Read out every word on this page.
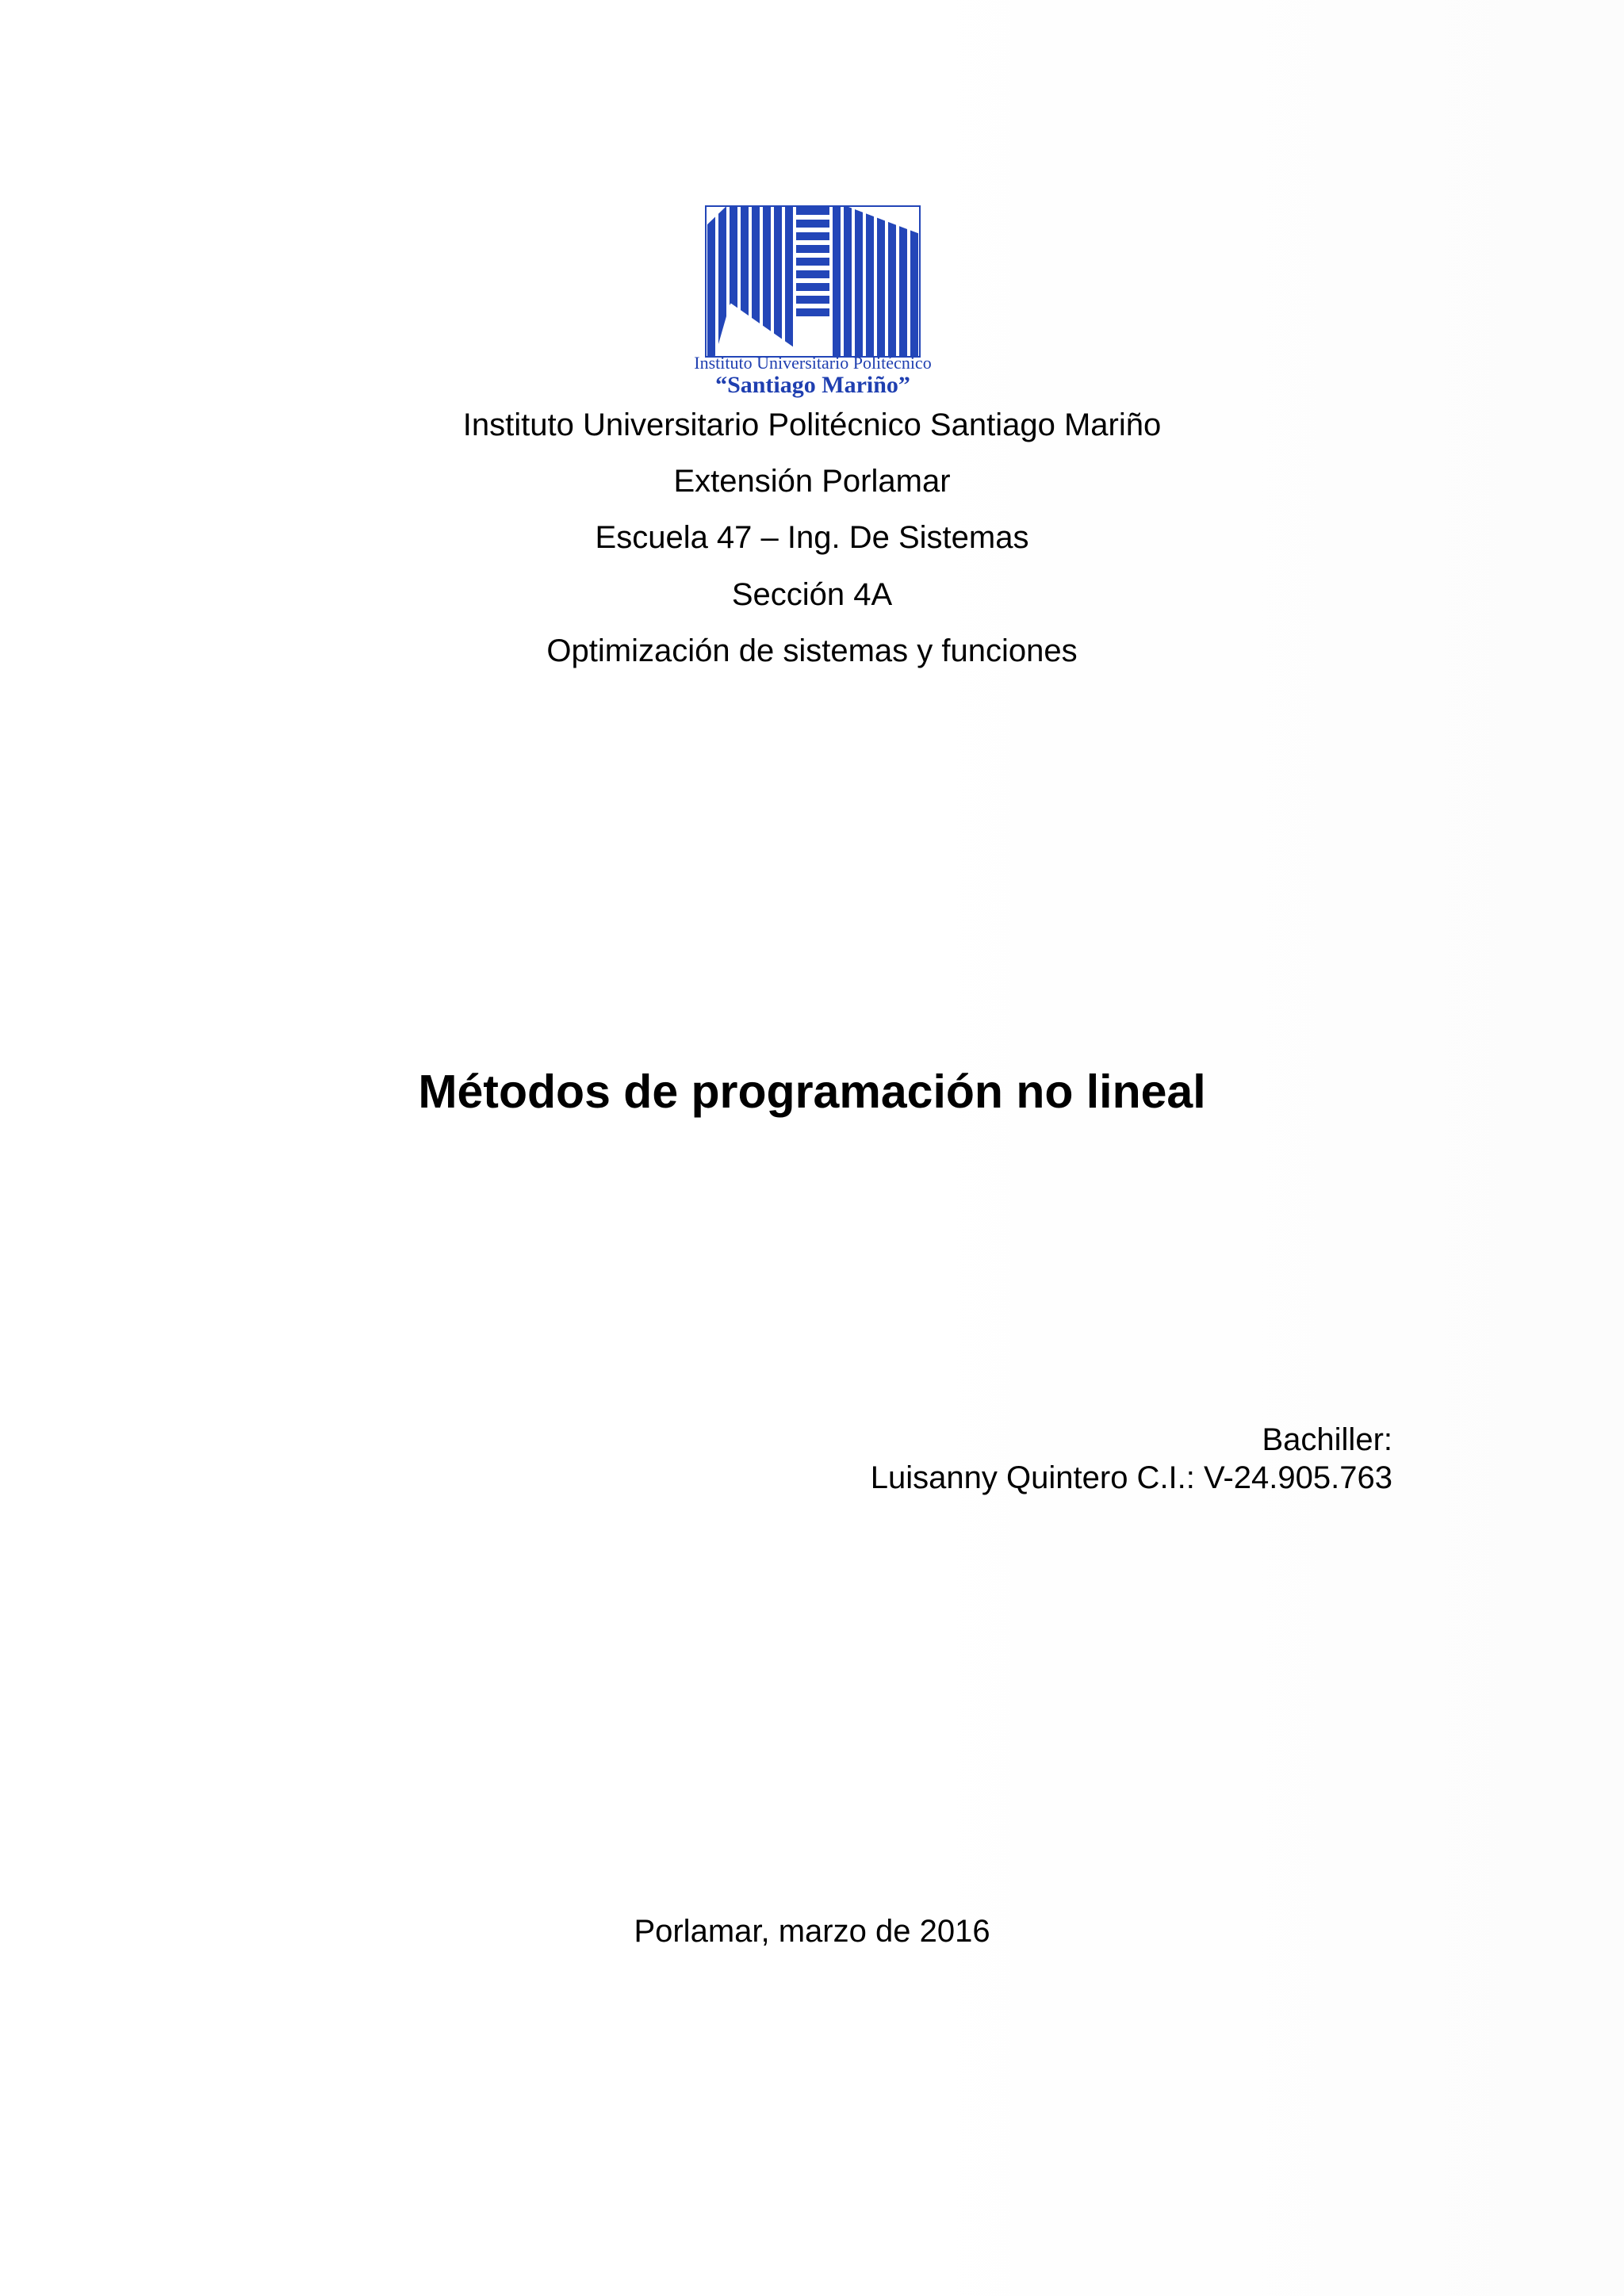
Instituto Universitario Politécnico
“Santiago Mariño”
Instituto Universitario Politécnico Santiago Mariño
Extensión Porlamar
Escuela 47 – Ing. De Sistemas
Sección 4A
Optimización de sistemas y funciones
Métodos de programación no lineal
Bachiller:
Luisanny Quintero C.I.: V-24.905.763
Porlamar, marzo de 2016
